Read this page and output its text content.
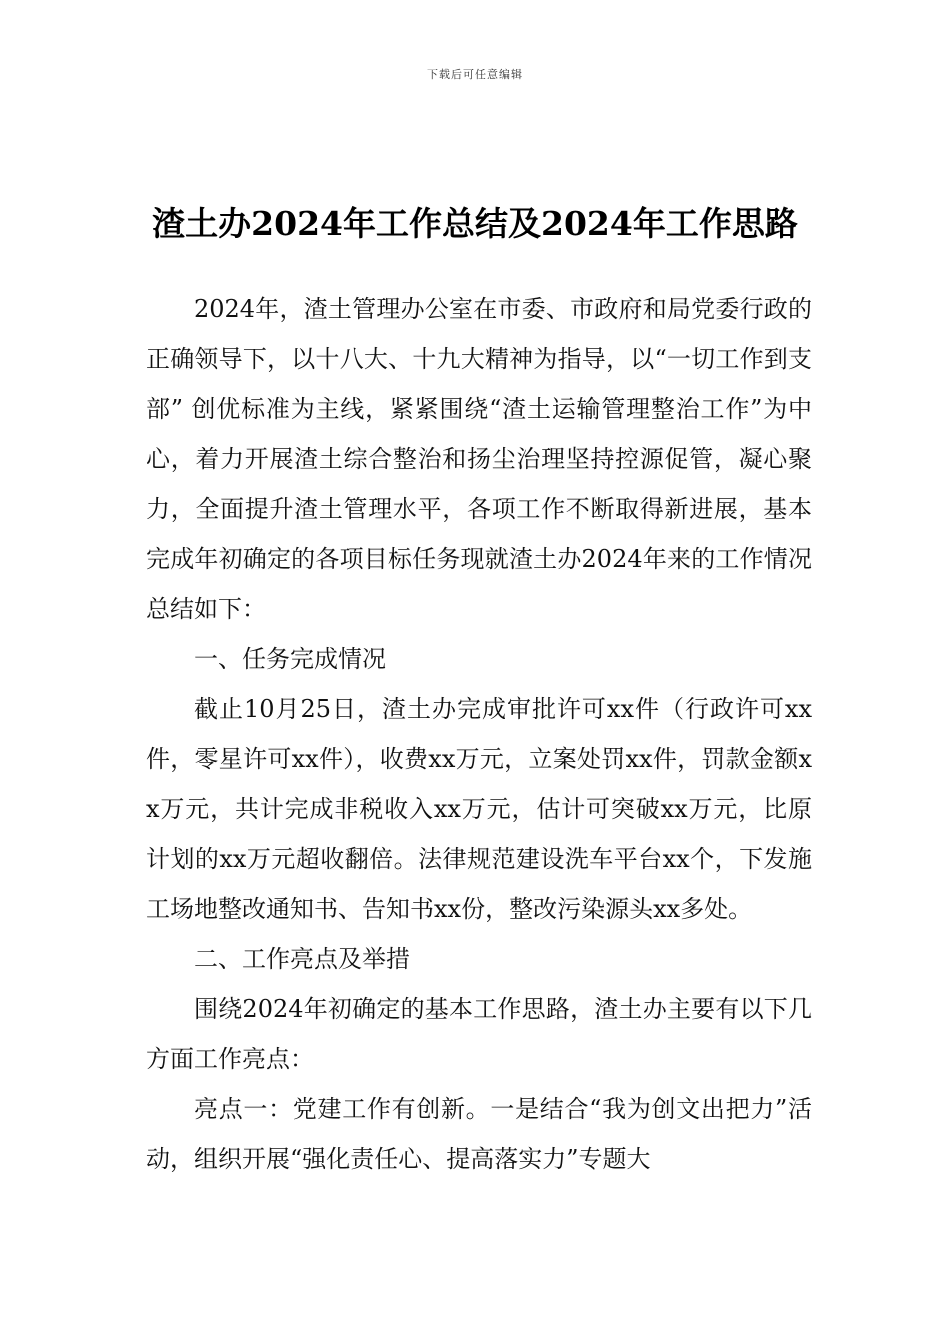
下载后可任意编辑
渣土办2024年工作总结及2024年工作思路

2024年，渣土管理办公室在市委、市政府和局党委行政的正确领导下，以十八大、十九大精神为指导，以“一切工作到支部” 创优标准为主线，紧紧围绕“渣土运输管理整治工作”为中心，着力开展渣土综合整治和扬尘治理坚持控源促管，凝心聚力，全面提升渣土管理水平，各项工作不断取得新进展，基本完成年初确定的各项目标任务现就渣土办2024年来的工作情况总结如下：

一、任务完成情况

截止10月25日，渣土办完成审批许可xx件（行政许可xx件，零星许可xx件），收费xx万元，立案处罚xx件，罚款金额xx万元，共计完成非税收入xx万元，估计可突破xx万元，比原计划的xx万元超收翻倍。法律规范建设洗车平台xx个，下发施工场地整改通知书、告知书xx份，整改污染源头xx多处。

二、工作亮点及举措

围绕2024年初确定的基本工作思路，渣土办主要有以下几方面工作亮点：

亮点一：党建工作有创新。一是结合“我为创文出把力”活动，组织开展“强化责任心、提高落实力”专题大
